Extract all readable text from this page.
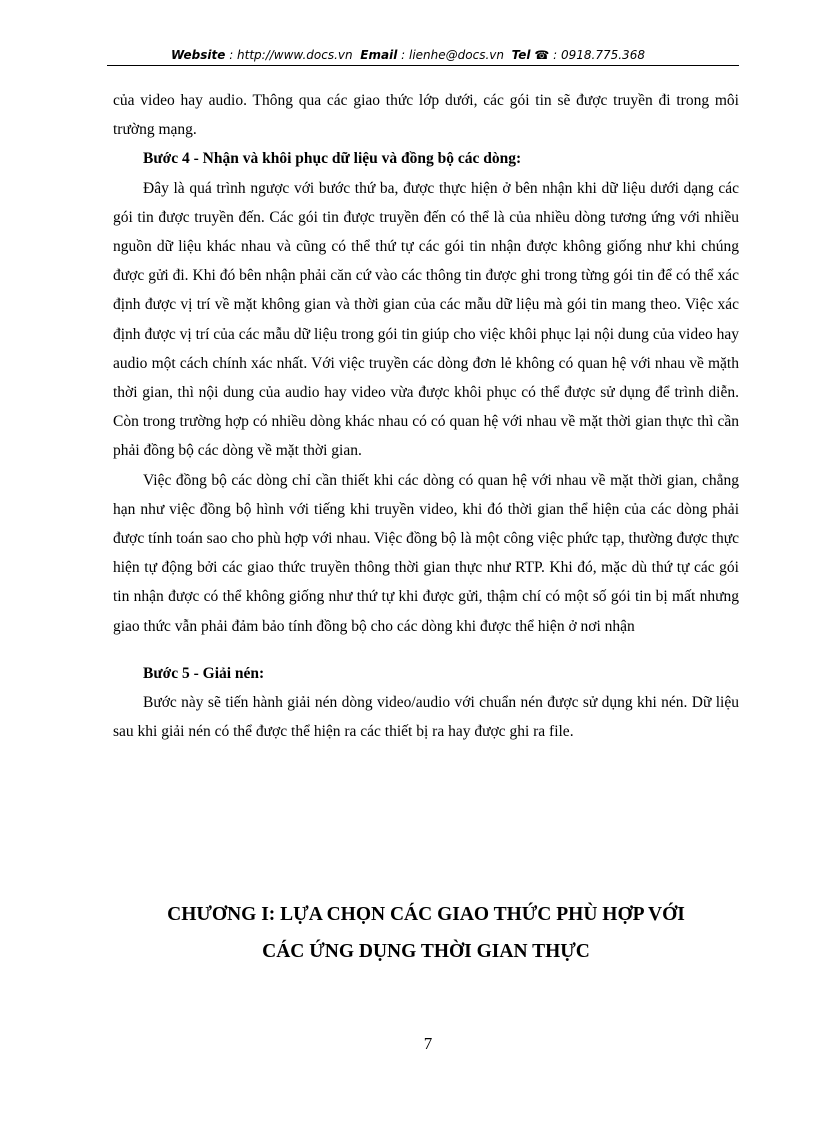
Website : http://www.docs.vn Email : lienhe@docs.vn Tel ☎ : 0918.775.368

của video hay audio. Thông qua các giao thức lớp dưới, các gói tin sẽ được truyền đi trong môi trường mạng.

Bước 4 - Nhận và khôi phục dữ liệu và đồng bộ các dòng:

Đây là quá trình ngược với bước thứ ba, được thực hiện ở bên nhận khi dữ liệu dưới dạng các gói tin được truyền đến. Các gói tin được truyền đến có thể là của nhiều dòng tương ứng với nhiều nguồn dữ liệu khác nhau và cũng có thể thứ tự các gói tin nhận được không giống như khi chúng được gửi đi. Khi đó bên nhận phải căn cứ vào các thông tin được ghi trong từng gói tin để có thể xác định được vị trí về mặt không gian và thời gian của các mẫu dữ liệu mà gói tin mang theo. Việc xác định được vị trí của các mẫu dữ liệu trong gói tin giúp cho việc khôi phục lại nội dung của video hay audio một cách chính xác nhất. Với việc truyền các dòng đơn lẻ không có quan hệ với nhau về mặth thời gian, thì nội dung của audio hay video vừa được khôi phục có thể được sử dụng để trình diễn. Còn trong trường hợp có nhiều dòng khác nhau có có quan hệ với nhau về mặt thời gian thực thì cần phải đồng bộ các dòng về mặt thời gian.

Việc đồng bộ các dòng chỉ cần thiết khi các dòng có quan hệ với nhau về mặt thời gian, chẳng hạn như việc đồng bộ hình với tiếng khi truyền video, khi đó thời gian thể hiện của các dòng phải được tính toán sao cho phù hợp với nhau. Việc đồng bộ là một công việc phức tạp, thường được thực hiện tự động bởi các giao thức truyền thông thời gian thực như RTP. Khi đó, mặc dù thứ tự các gói tin nhận được có thể không giống như thứ tự khi được gửi, thậm chí có một số gói tin bị mất nhưng giao thức vẫn phải đảm bảo tính đồng bộ cho các dòng khi được thể hiện ở nơi nhận

Bước 5 - Giải nén:

Bước này sẽ tiến hành giải nén dòng video/audio với chuẩn nén được sử dụng khi nén. Dữ liệu sau khi giải nén có thể được thể hiện ra các thiết bị ra hay được ghi ra file.

CHƯƠNG I: LỰA CHỌN CÁC GIAO THỨC PHÙ HỢP VỚI
CÁC ỨNG DỤNG THỜI GIAN THỰC
7
